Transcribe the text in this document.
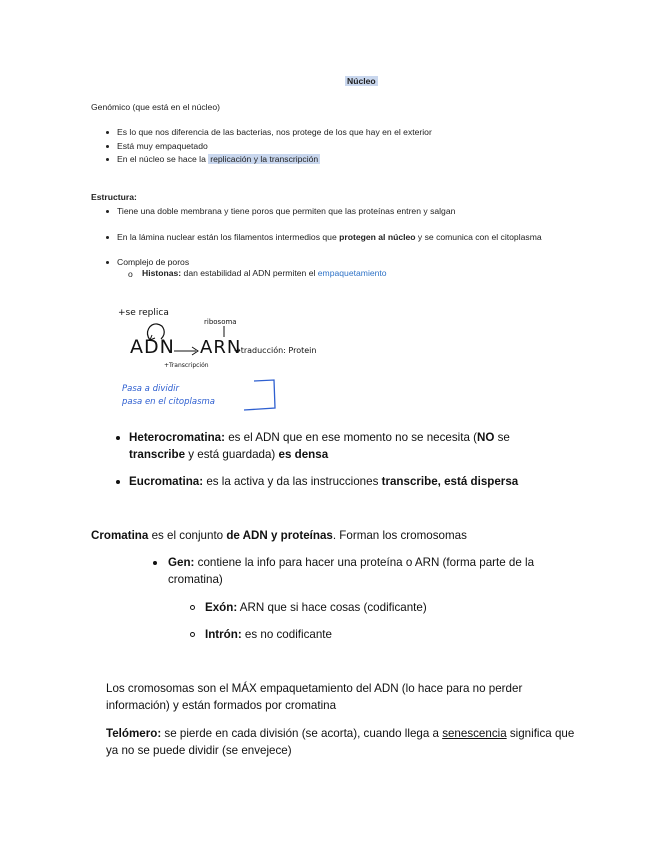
Núcleo
Genómico (que está en el núcleo)
Es lo que nos diferencia de las bacterias, nos protege de los que hay en el exterior
Está muy empaquetado
En el núcleo se hace la replicación y la transcripción
Estructura:
Tiene una doble membrana y tiene poros que permiten que las proteínas entren y salgan
En la lámina nuclear están los filamentos intermedios que protegen al núcleo y se comunica con el citoplasma
Complejo de poros
o Histonas: dan estabilidad al ADN permiten el empaquetamiento
+se replica
ribosoma
ADN ARN
→traducción: Protein
+Transcripción
Pasa a dividir
pasa en el citoplasma
Heterocromatina: es el ADN que en ese momento no se necesita (NO se
transcribe y está guardada) es densa
Eucromatina: es la activa y da las instrucciones transcribe, está dispersa
Cromatina es el conjunto de ADN y proteínas. Forman los cromosomas
Gen: contiene la info para hacer una proteína o ARN (forma parte de la
cromatina)
Exón: ARN que si hace cosas (codificante)
Intrón: es no codificante
Los cromosomas son el MÁX empaquetamiento del ADN (lo hace para no perder
información) y están formados por cromatina
Telómero: se pierde en cada división (se acorta), cuando llega a senescencia significa que
ya no se puede dividir (se envejece)
